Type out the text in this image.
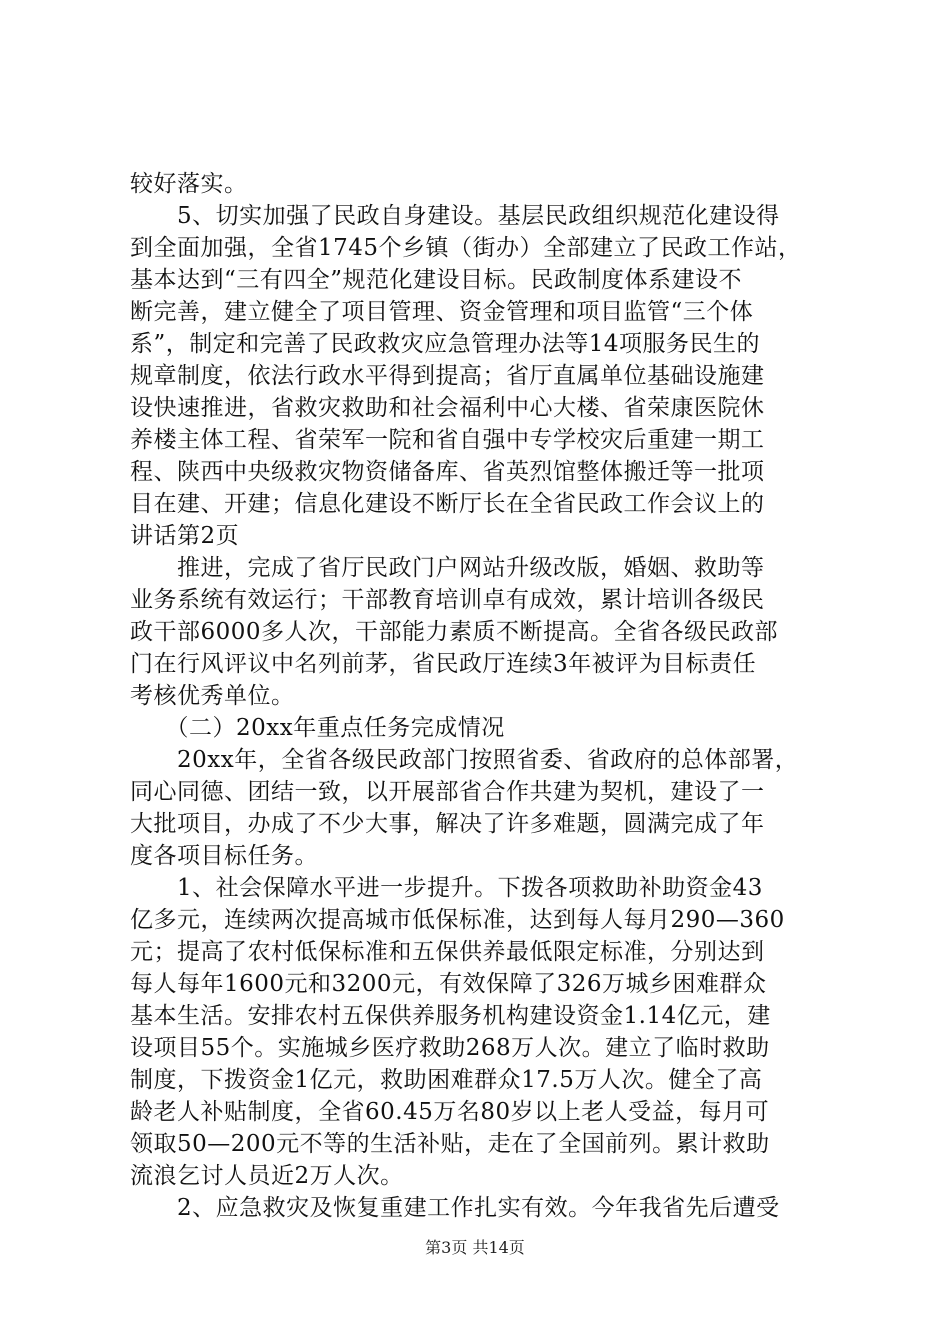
较好落实。
　　5、切实加强了民政自身建设。基层民政组织规范化建设得
到全面加强，全省1745个乡镇（街办）全部建立了民政工作站，
基本达到“三有四全”规范化建设目标。民政制度体系建设不
断完善，建立健全了项目管理、资金管理和项目监管“三个体
系”，制定和完善了民政救灾应急管理办法等14项服务民生的
规章制度，依法行政水平得到提高；省厅直属单位基础设施建
设快速推进，省救灾救助和社会福利中心大楼、省荣康医院休
养楼主体工程、省荣军一院和省自强中专学校灾后重建一期工
程、陕西中央级救灾物资储备库、省英烈馆整体搬迁等一批项
目在建、开建；信息化建设不断厅长在全省民政工作会议上的
讲话第2页
　　推进，完成了省厅民政门户网站升级改版，婚姻、救助等
业务系统有效运行；干部教育培训卓有成效，累计培训各级民
政干部6000多人次，干部能力素质不断提高。全省各级民政部
门在行风评议中名列前茅，省民政厅连续3年被评为目标责任
考核优秀单位。
　　（二）20xx年重点任务完成情况
　　20xx年，全省各级民政部门按照省委、省政府的总体部署，
同心同德、团结一致，以开展部省合作共建为契机，建设了一
大批项目，办成了不少大事，解决了许多难题，圆满完成了年
度各项目标任务。
　　1、社会保障水平进一步提升。下拨各项救助补助资金43
亿多元，连续两次提高城市低保标准，达到每人每月290—360
元；提高了农村低保标准和五保供养最低限定标准，分别达到
每人每年1600元和3200元，有效保障了326万城乡困难群众
基本生活。安排农村五保供养服务机构建设资金1.14亿元，建
设项目55个。实施城乡医疗救助268万人次。建立了临时救助
制度，下拨资金1亿元，救助困难群众17.5万人次。健全了高
龄老人补贴制度，全省60.45万名80岁以上老人受益，每月可
领取50—200元不等的生活补贴，走在了全国前列。累计救助
流浪乞讨人员近2万人次。
　　2、应急救灾及恢复重建工作扎实有效。今年我省先后遭受
第3页 共14页
